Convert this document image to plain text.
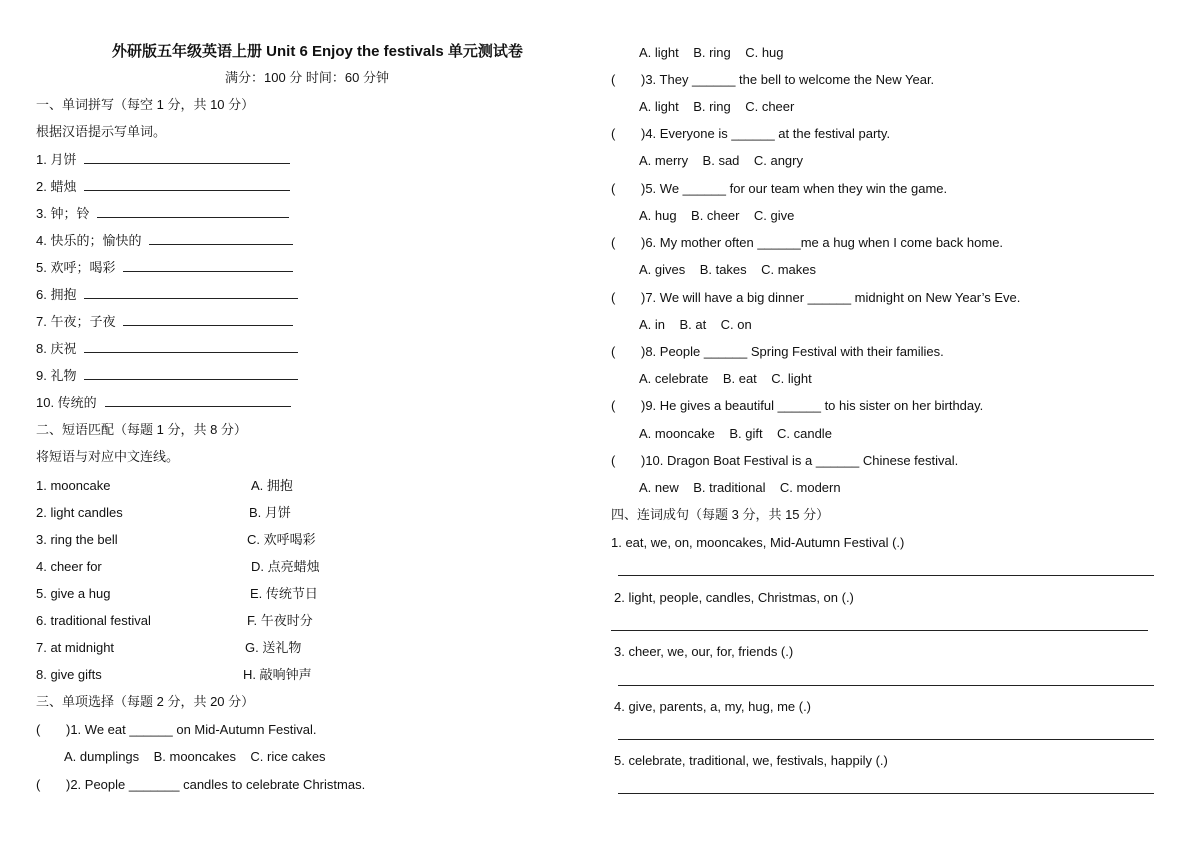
外研版五年级英语上册 Unit 6 Enjoy the festivals 单元测试卷
满分：100 分 时间：60 分钟
一、单词拼写（每空 1 分，共 10 分）
根据汉语提示写单词。
1. 月饼
2. 蜡烛
3. 钟；铃
4. 快乐的；愉快的
5. 欢呼；喝彩
6. 拥抱
7. 午夜；子夜
8. 庆祝
9. 礼物
10. 传统的
二、短语匹配（每题 1 分，共 8 分）
将短语与对应中文连线。
1. mooncake
2. light candles
3. ring the bell
4. cheer for
5. give a hug
6. traditional festival
7. at midnight
8. give gifts
A. 拥抱
B. 月饼
C. 欢呼喝彩
D. 点亮蜡烛
E. 传统节日
F. 午夜时分
G. 送礼物
H. 敲响钟声
三、单项选择（每题 2 分，共 20 分）
( )1. We eat ______ on Mid-Autumn Festival.
A. dumplings    B. mooncakes    C. rice cakes
( )2. People _______ candles to celebrate Christmas.
A. light    B. ring    C. hug
( )3. They ______ the bell to welcome the New Year.
A. light    B. ring    C. cheer
( )4. Everyone is ______ at the festival party.
A. merry    B. sad    C. angry
( )5. We ______ for our team when they win the game.
A. hug    B. cheer    C. give
( )6. My mother often ______me a hug when I come back home.
A. gives    B. takes    C. makes
( )7. We will have a big dinner ______ midnight on New Year’s Eve.
A. in    B. at    C. on
( )8. People ______ Spring Festival with their families.
A. celebrate    B. eat    C. light
( )9. He gives a beautiful ______ to his sister on her birthday.
A. mooncake    B. gift    C. candle
( )10. Dragon Boat Festival is a ______ Chinese festival.
A. new    B. traditional    C. modern
四、连词成句（每题 3 分，共 15 分）
1. eat, we, on, mooncakes, Mid-Autumn Festival (.)
2. light, people, candles, Christmas, on (.)
3. cheer, we, our, for, friends (.)
4. give, parents, a, my, hug, me (.)
5. celebrate, traditional, we, festivals, happily (.)
